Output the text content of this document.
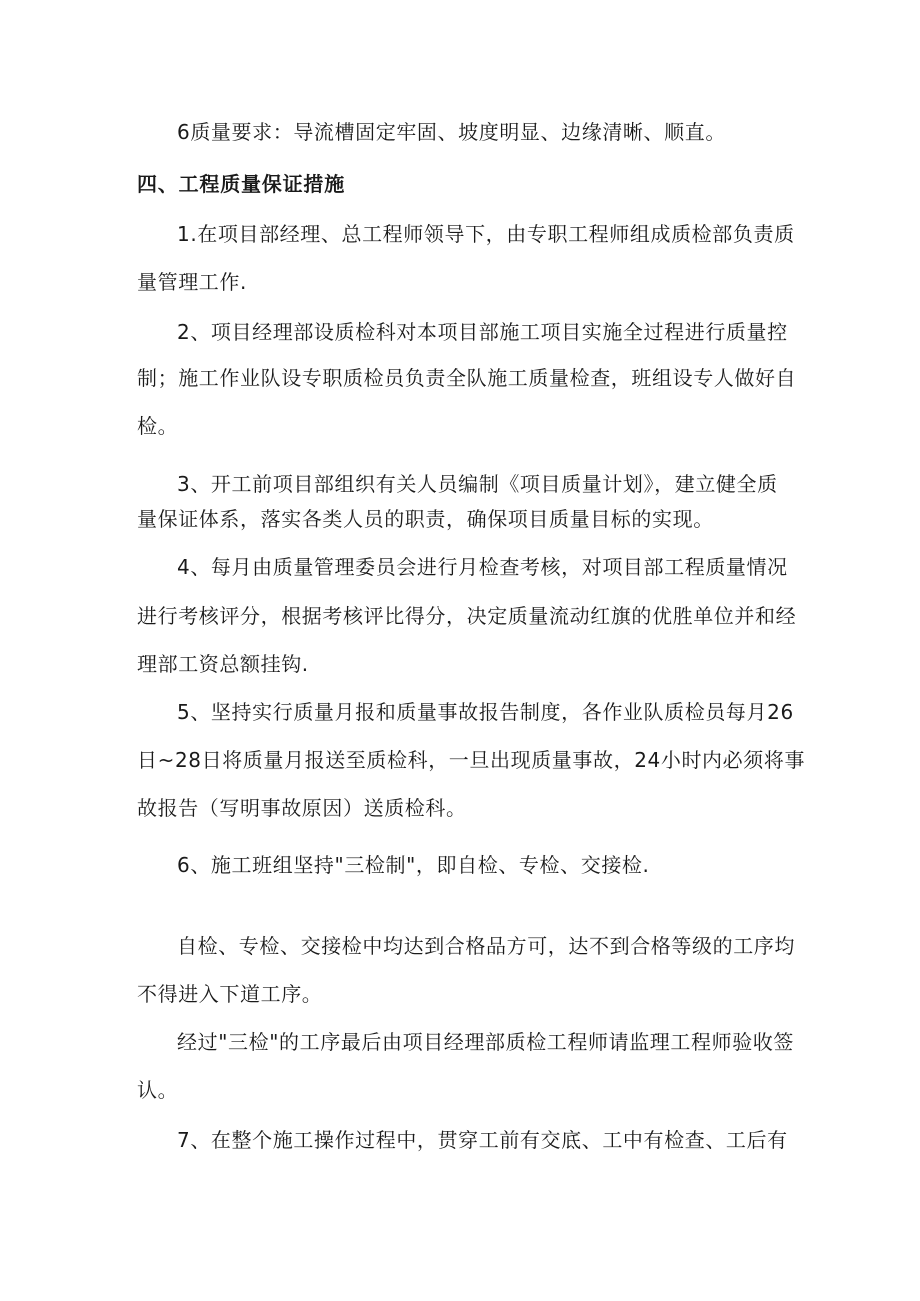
6质量要求：导流槽固定牢固、坡度明显、边缘清晰、顺直。
四、工程质量保证措施
1.在项目部经理、总工程师领导下，由专职工程师组成质检部负责质
量管理工作.
2、项目经理部设质检科对本项目部施工项目实施全过程进行质量控
制；施工作业队设专职质检员负责全队施工质量检查，班组设专人做好自
检。
3、开工前项目部组织有关人员编制《项目质量计划》，建立健全质
量保证体系，落实各类人员的职责，确保项目质量目标的实现。
4、每月由质量管理委员会进行月检查考核，对项目部工程质量情况
进行考核评分，根据考核评比得分，决定质量流动红旗的优胜单位并和经
理部工资总额挂钩.
5、坚持实行质量月报和质量事故报告制度，各作业队质检员每月26
日~28日将质量月报送至质检科，一旦出现质量事故，24小时内必须将事
故报告（写明事故原因）送质检科。
6、施工班组坚持"三检制"，即自检、专检、交接检.
自检、专检、交接检中均达到合格品方可，达不到合格等级的工序均
不得进入下道工序。
经过"三检"的工序最后由项目经理部质检工程师请监理工程师验收签
认。
7、在整个施工操作过程中，贯穿工前有交底、工中有检查、工后有
